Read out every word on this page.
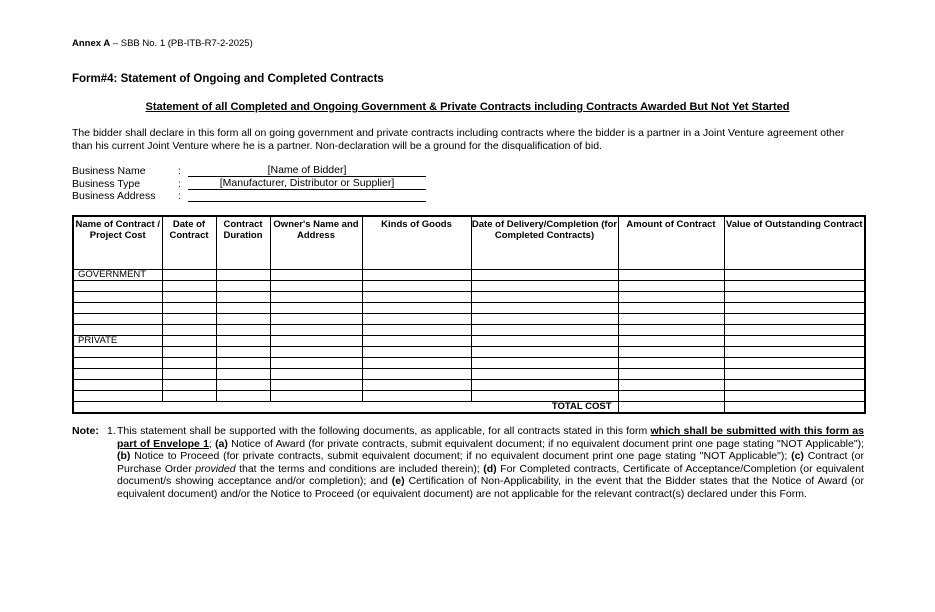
Annex A – SBB No. 1 (PB-ITB-R7-2-2025)
Form#4: Statement of Ongoing and Completed Contracts
Statement of all Completed and Ongoing Government & Private Contracts including Contracts Awarded But Not Yet Started
The bidder shall declare in this form all on going government and private contracts including contracts where the bidder is a partner in a Joint Venture agreement other than his current Joint Venture where he is a partner. Non-declaration will be a ground for the disqualification of bid.
Business Name	:	[Name of Bidder]
Business Type	:	[Manufacturer, Distributor or Supplier]
Business Address	:
Name of Contract / Project Cost	Date of Contract	Contract Duration	Owner's Name and Address	Kinds of Goods	Date of Delivery/Completion (for Completed Contracts)	Amount of Contract	Value of Outstanding Contract
GOVERNMENT							

PRIVATE							

TOTAL COST							
Note: 1. This statement shall be supported with the following documents, as applicable, for all contracts stated in this form which shall be submitted with this form as part of Envelope 1; (a) Notice of Award (for private contracts, submit equivalent document; if no equivalent document print one page stating "NOT Applicable"); (b) Notice to Proceed (for private contracts, submit equivalent document; if no equivalent document print one page stating "NOT Applicable"); (c) Contract (or Purchase Order provided that the terms and conditions are included therein); (d) For Completed contracts, Certificate of Acceptance/Completion (or equivalent document/s showing acceptance and/or completion); and (e) Certification of Non-Applicability, in the event that the Bidder states that the Notice of Award (or equivalent document) and/or the Notice to Proceed (or equivalent document) are not applicable for the relevant contract(s) declared under this Form.
